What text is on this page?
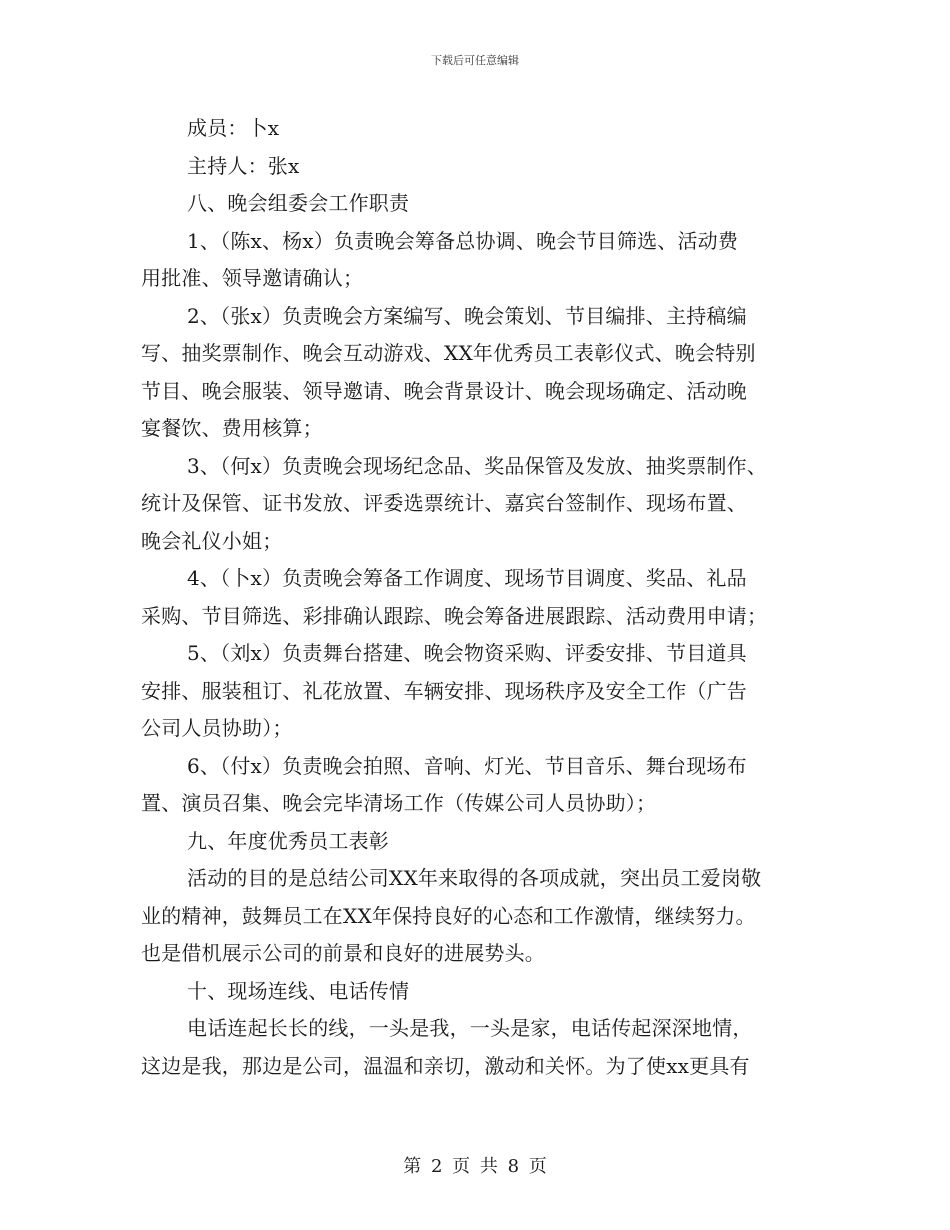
下载后可任意编辑
成员：卜x
主持人：张x
八、晚会组委会工作职责
1、（陈x、杨x）负责晚会筹备总协调、晚会节目筛选、活动费
用批准、领导邀请确认；
2、（张x）负责晚会方案编写、晚会策划、节目编排、主持稿编
写、抽奖票制作、晚会互动游戏、XX年优秀员工表彰仪式、晚会特别
节目、晚会服装、领导邀请、晚会背景设计、晚会现场确定、活动晚
宴餐饮、费用核算；
3、（何x）负责晚会现场纪念品、奖品保管及发放、抽奖票制作、
统计及保管、证书发放、评委选票统计、嘉宾台签制作、现场布置、
晚会礼仪小姐；
4、（卜x）负责晚会筹备工作调度、现场节目调度、奖品、礼品
采购、节目筛选、彩排确认跟踪、晚会筹备进展跟踪、活动费用申请；
5、（刘x）负责舞台搭建、晚会物资采购、评委安排、节目道具
安排、服装租订、礼花放置、车辆安排、现场秩序及安全工作（广告
公司人员协助）；
6、（付x）负责晚会拍照、音响、灯光、节目音乐、舞台现场布
置、演员召集、晚会完毕清场工作（传媒公司人员协助）；
九、年度优秀员工表彰
活动的目的是总结公司XX年来取得的各项成就，突出员工爱岗敬
业的精神，鼓舞员工在XX年保持良好的心态和工作激情，继续努力。
也是借机展示公司的前景和良好的进展势头。
十、现场连线、电话传情
电话连起长长的线，一头是我，一头是家，电话传起深深地情，
这边是我，那边是公司，温温和亲切，激动和关怀。为了使xx更具有
第 2 页 共 8 页
